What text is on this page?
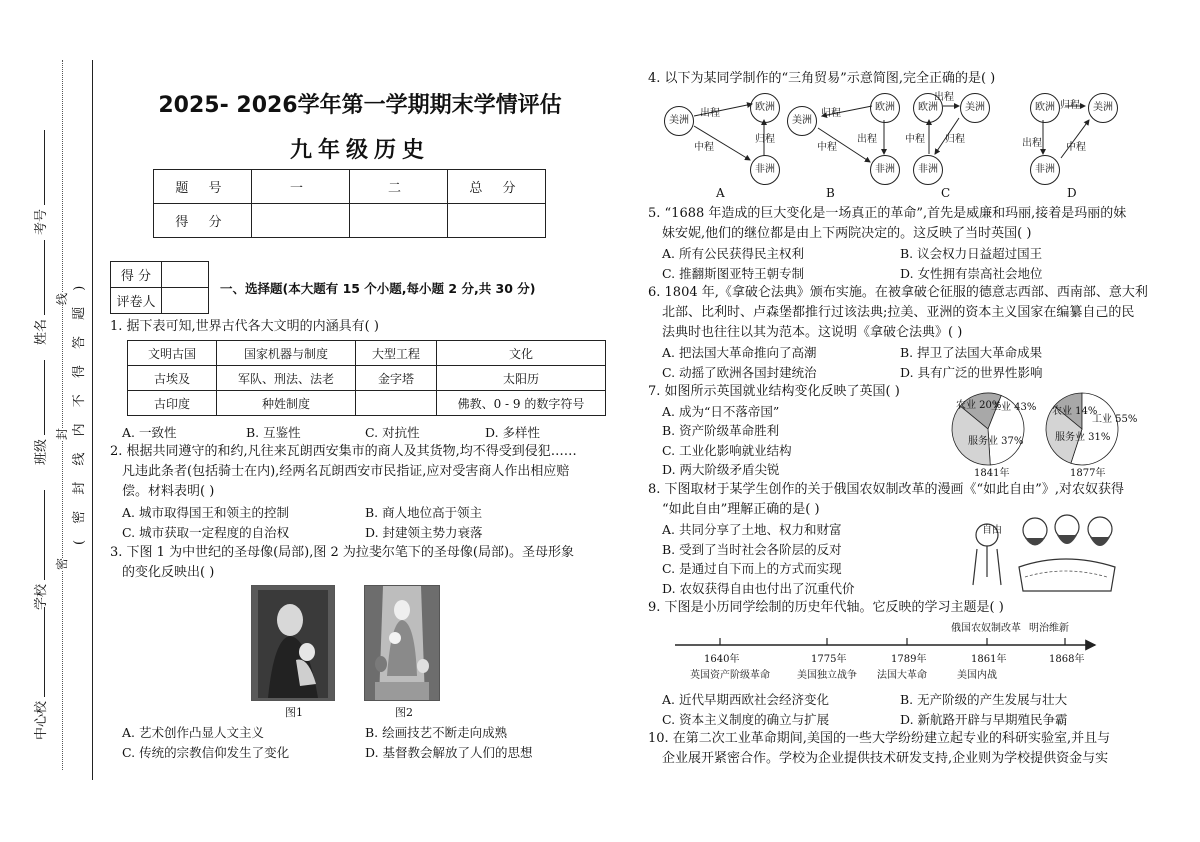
考号
姓名
班级
学校
中心校
线
封
密
( 密 封 线 内 不 得 答 题 )
2025- 2026学年第一学期期末学情评估
九年级历史
题 号	一	二	总 分
得 分			
得 分	
评卷人	
一、选择题(本大题有 15 个小题,每小题 2 分,共 30 分)
1. 据下表可知,世界古代各大文明的内涵具有( )
文明古国	国家机器与制度	大型工程	文化
古埃及	军队、刑法、法老	金字塔	太阳历
古印度	种姓制度		佛教、0 - 9 的数字符号
A. 一致性	B. 互鉴性	C. 对抗性	D. 多样性
2. 根据共同遵守的和约,凡往来瓦朗西安集市的商人及其货物,均不得受到侵犯……
凡违此条者(包括骑士在内),经两名瓦朗西安市民指证,应对受害商人作出相应赔
偿。材料表明( )
A. 城市取得国王和领主的控制	B. 商人地位高于领主
C. 城市获取一定程度的自治权	D. 封建领主势力衰落
3. 下图 1 为中世纪的圣母像(局部),图 2 为拉斐尔笔下的圣母像(局部)。圣母形象
的变化反映出( )
图1	图2
A. 艺术创作凸显人文主义	B. 绘画技艺不断走向成熟
C. 传统的宗教信仰发生了变化	D. 基督教会解放了人们的思想
4. 以下为某同学制作的“三角贸易”示意简图,完全正确的是( )
美洲
欧洲
非洲
出程
中程
归程
A
美洲
欧洲
非洲
归程
中程
出程
B
欧洲	美洲
非洲
出程
归程
中程
C
欧洲	美洲
非洲
归程
中程
出程
D
5. “1688 年造成的巨大变化是一场真正的革命”,首先是威廉和玛丽,接着是玛丽的妹
妹安妮,他们的继位都是由上下两院决定的。这反映了当时英国( )
A. 所有公民获得民主权利	B. 议会权力日益超过国王
C. 推翻斯图亚特王朝专制	D. 女性拥有崇高社会地位
6. 1804 年,《拿破仑法典》颁布实施。在被拿破仑征服的德意志西部、西南部、意大利
北部、比利时、卢森堡都推行过该法典;拉美、亚洲的资本主义国家在编纂自己的民
法典时也往往以其为范本。这说明《拿破仑法典》( )
A. 把法国大革命推向了高潮	B. 捍卫了法国大革命成果
C. 动摇了欧洲各国封建统治	D. 具有广泛的世界性影响
7. 如图所示英国就业结构变化反映了英国( )
A. 成为“日不落帝国”
B. 资产阶级革命胜利
C. 工业化影响就业结构
D. 两大阶级矛盾尖锐
农业 20%
工业 43%
服务业 37%
农业 14%
工业 55%
服务业 31%
1841年	1877年
8. 下图取材于某学生创作的关于俄国农奴制改革的漫画《“如此自由”》,对农奴获得
“如此自由”理解正确的是( )
A. 共同分享了土地、权力和财富
B. 受到了当时社会各阶层的反对
C. 是通过自下而上的方式而实现
D. 农奴获得自由也付出了沉重代价
自由
9. 下图是小历同学绘制的历史年代轴。它反映的学习主题是( )
1640年
英国资产阶级革命
1775年
美国独立战争
1789年
法国大革命
1861年
美国内战
1868年
俄国农奴制改革 明治维新
A. 近代早期西欧社会经济变化	B. 无产阶级的产生发展与壮大
C. 资本主义制度的确立与扩展	D. 新航路开辟与早期殖民争霸
10. 在第二次工业革命期间,美国的一些大学纷纷建立起专业的科研实验室,并且与
企业展开紧密合作。学校为企业提供技术研发支持,企业则为学校提供资金与实
